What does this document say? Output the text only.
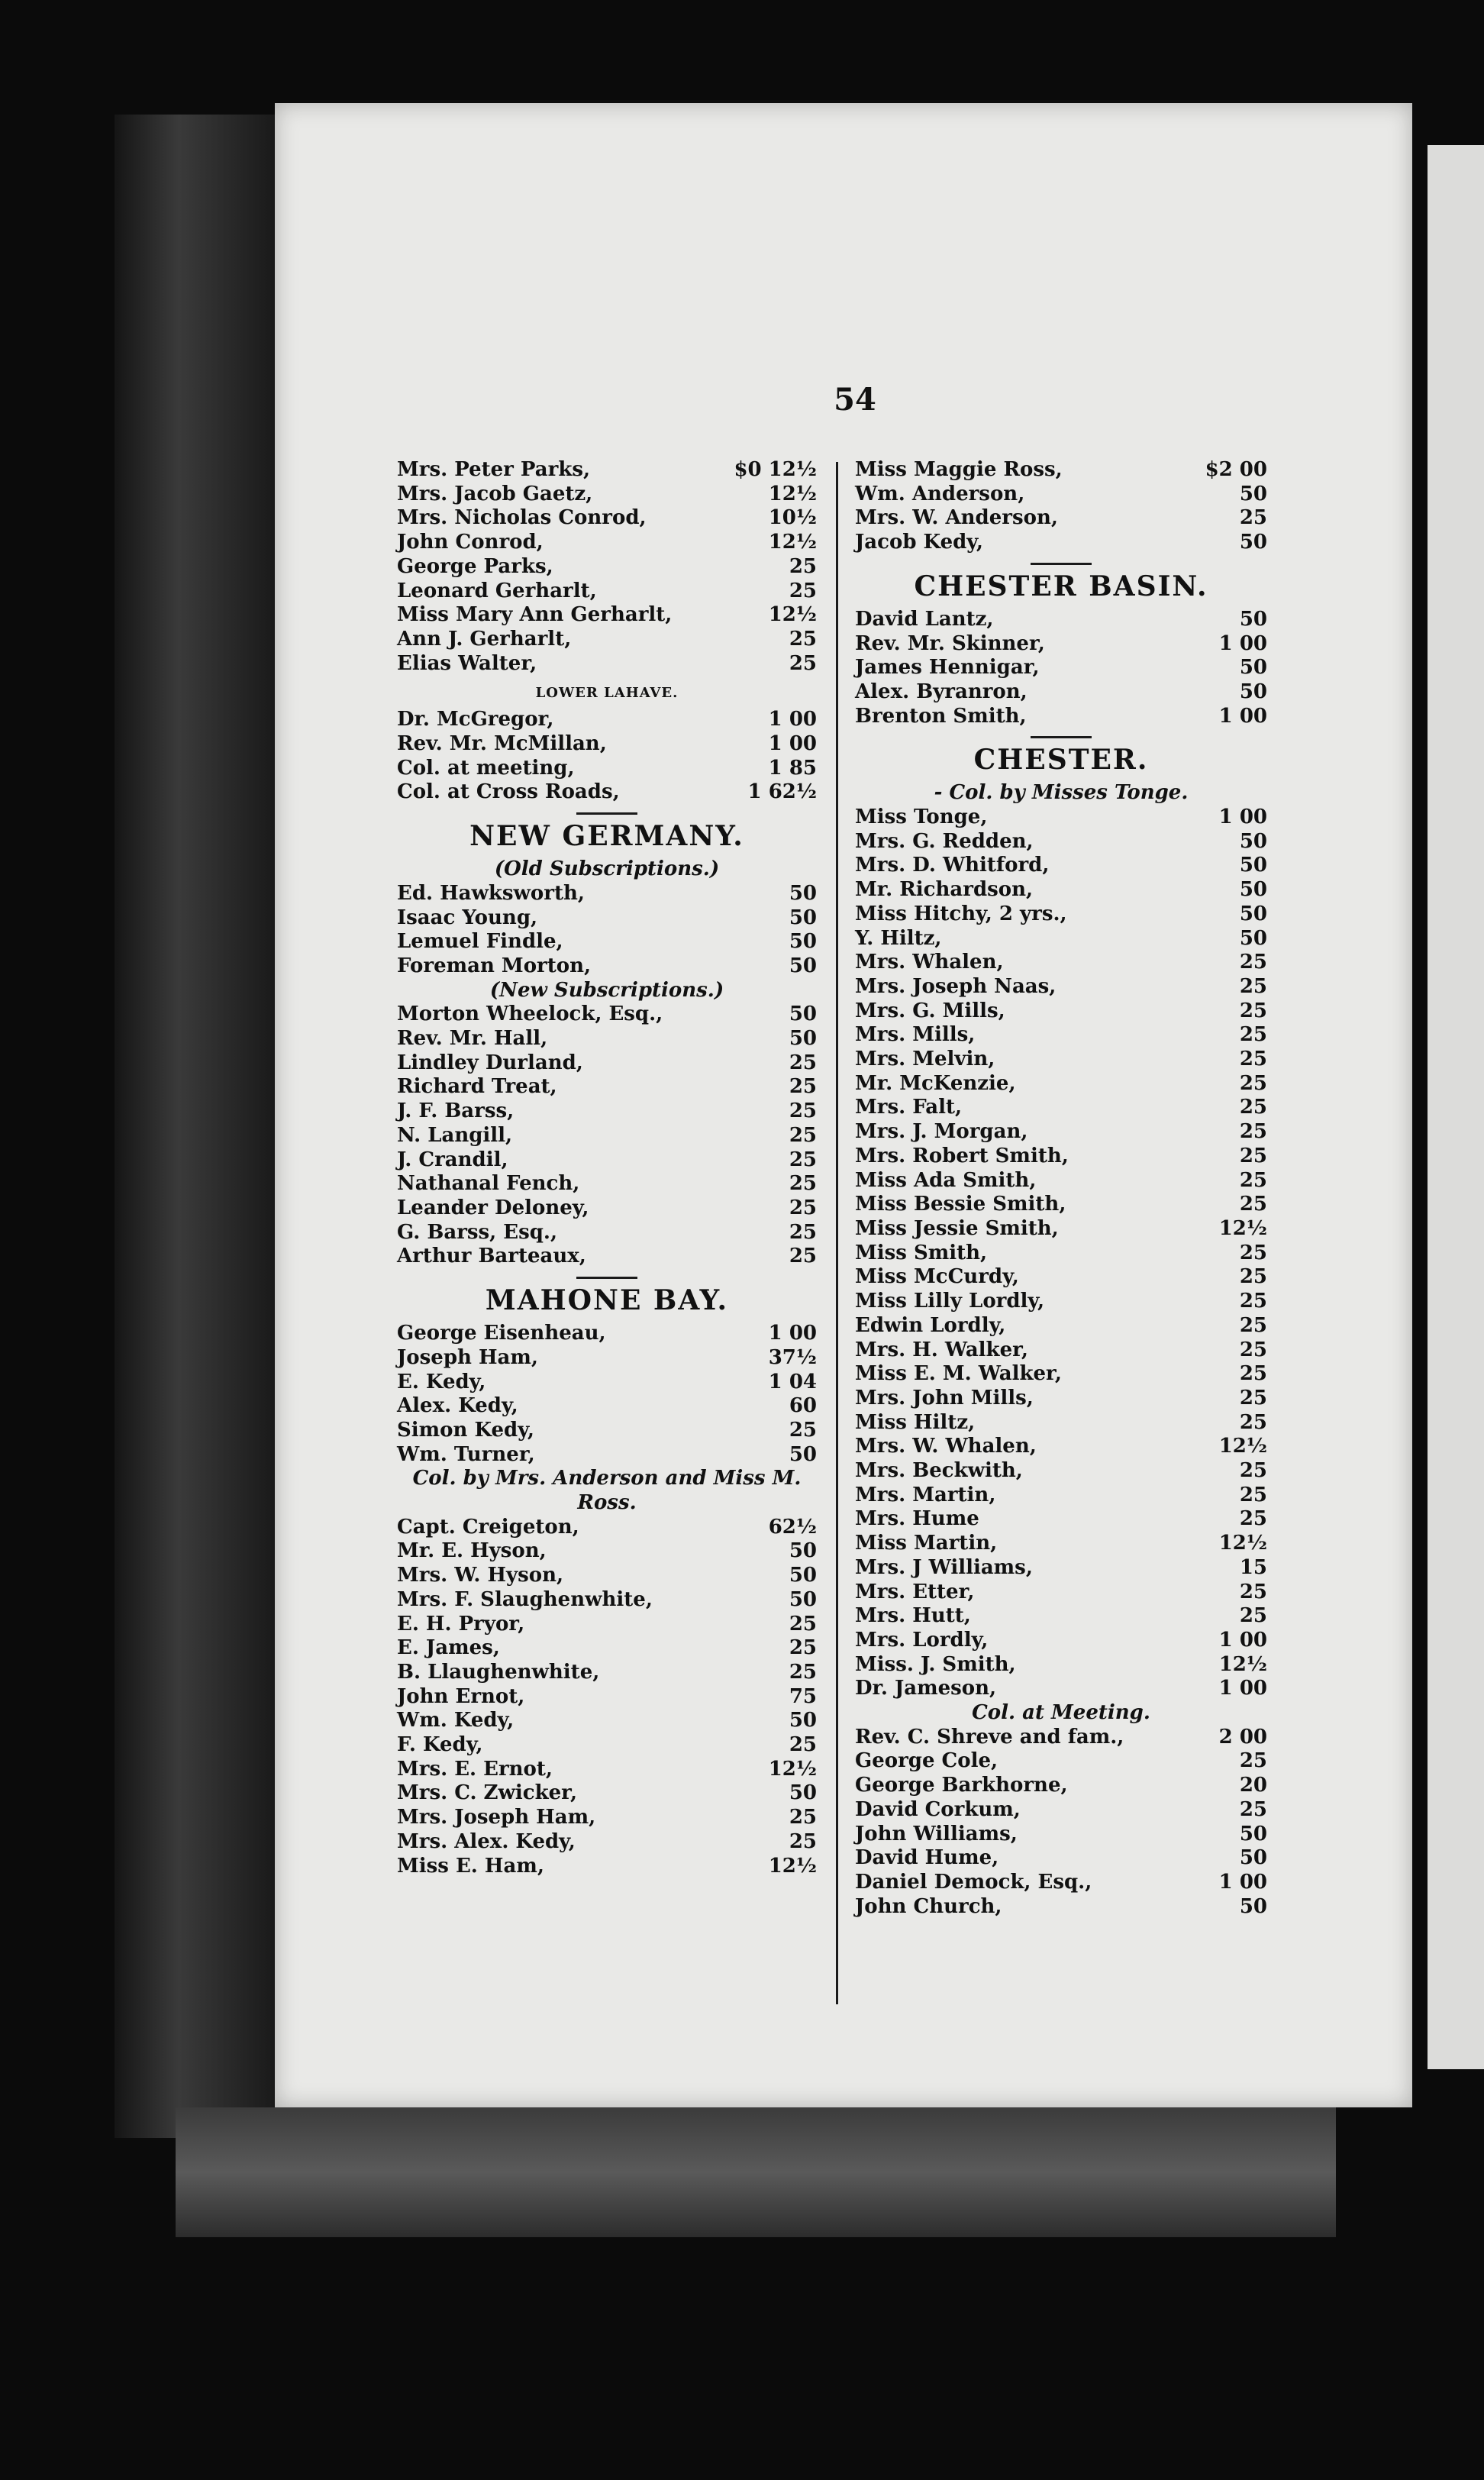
54
Mrs. Peter Parks,	$0 12½
Mrs. Jacob Gaetz,	12½
Mrs. Nicholas Conrod,	10½
John Conrod,	12½
George Parks,	25
Leonard Gerharlt,	25
Miss Mary Ann Gerharlt,	12½
Ann J. Gerharlt,	25
Elias Walter,	25
LOWER LAHAVE.
Dr. McGregor,	1 00
Rev. Mr. McMillan,	1 00
Col. at meeting,	1 85
Col. at Cross Roads,	1 62½
NEW GERMANY.
(Old Subscriptions.)
Ed. Hawksworth,	50
Isaac Young,	50
Lemuel Findle,	50
Foreman Morton,	50
(New Subscriptions.)
Morton Wheelock, Esq.,	50
Rev. Mr. Hall,	50
Lindley Durland,	25
Richard Treat,	25
J. F. Barss,	25
N. Langill,	25
J. Crandil,	25
Nathanal Fench,	25
Leander Deloney,	25
G. Barss, Esq.,	25
Arthur Barteaux,	25
MAHONE BAY.
George Eisenheau,	1 00
Joseph Ham,	37½
E. Kedy,	1 04
Alex. Kedy,	60
Simon Kedy,	25
Wm. Turner,	50
Col. by Mrs. Anderson and Miss M. Ross.
Capt. Creigeton,	62½
Mr. E. Hyson,	50
Mrs. W. Hyson,	50
Mrs. F. Slaughenwhite,	50
E. H. Pryor,	25
E. James,	25
B. Llaughenwhite,	25
John Ernot,	75
Wm. Kedy,	50
F. Kedy,	25
Mrs. E. Ernot,	12½
Mrs. C. Zwicker,	50
Mrs. Joseph Ham,	25
Mrs. Alex. Kedy,	25
Miss E. Ham,	12½
Miss Maggie Ross,	$2 00
Wm. Anderson,	50
Mrs. W. Anderson,	25
Jacob Kedy,	50
CHESTER BASIN.
David Lantz,	50
Rev. Mr. Skinner,	1 00
James Hennigar,	50
Alex. Byranron,	50
Brenton Smith,	1 00
CHESTER.
- Col. by Misses Tonge.
Miss Tonge,	1 00
Mrs. G. Redden,	50
Mrs. D. Whitford,	50
Mr. Richardson,	50
Miss Hitchy, 2 yrs.,	50
Y. Hiltz,	50
Mrs. Whalen,	25
Mrs. Joseph Naas,	25
Mrs. G. Mills,	25
Mrs. Mills,	25
Mrs. Melvin,	25
Mr. McKenzie,	25
Mrs. Falt,	25
Mrs. J. Morgan,	25
Mrs. Robert Smith,	25
Miss Ada Smith,	25
Miss Bessie Smith,	25
Miss Jessie Smith,	12½
Miss Smith,	25
Miss McCurdy,	25
Miss Lilly Lordly,	25
Edwin Lordly,	25
Mrs. H. Walker,	25
Miss E. M. Walker,	25
Mrs. John Mills,	25
Miss Hiltz,	25
Mrs. W. Whalen,	12½
Mrs. Beckwith,	25
Mrs. Martin,	25
Mrs. Hume	25
Miss Martin,	12½
Mrs. J Williams,	15
Mrs. Etter,	25
Mrs. Hutt,	25
Mrs. Lordly,	1 00
Miss. J. Smith,	12½
Dr. Jameson,	1 00
Col. at Meeting.
Rev. C. Shreve and fam.,	2 00
George Cole,	25
George Barkhorne,	20
David Corkum,	25
John Williams,	50
David Hume,	50
Daniel Demock, Esq.,	1 00
John Church,	50
